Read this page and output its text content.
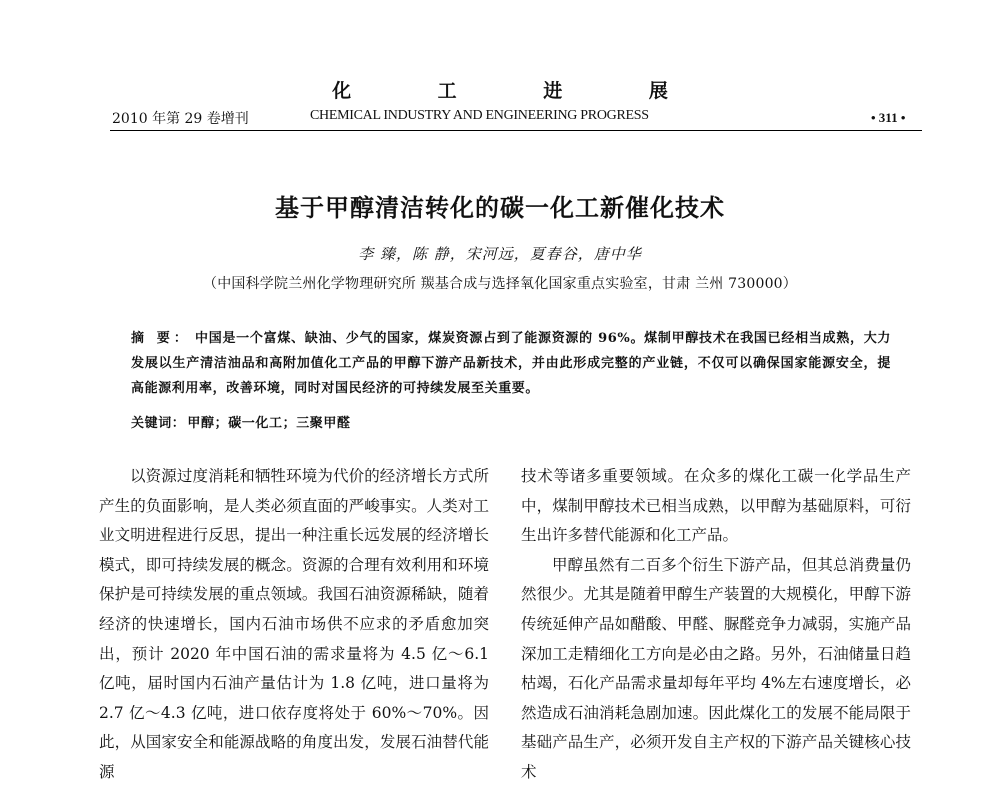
化 工 进 展
2010 年第 29 卷增刊	CHEMICAL INDUSTRY AND ENGINEERING PROGRESS	• 311 •
基于甲醇清洁转化的碳一化工新催化技术
李 臻，陈 静，宋河远，夏春谷，唐中华
（中国科学院兰州化学物理研究所 羰基合成与选择氧化国家重点实验室，甘肃 兰州 730000）
摘 要： 中国是一个富煤、缺油、少气的国家，煤炭资源占到了能源资源的 96%。煤制甲醇技术在我国已经相当成熟，大力发展以生产清洁油品和高附加值化工产品的甲醇下游产品新技术，并由此形成完整的产业链，不仅可以确保国家能源安全，提高能源利用率，改善环境，同时对国民经济的可持续发展至关重要。
关键词： 甲醇；碳一化工；三聚甲醛

以资源过度消耗和牺牲环境为代价的经济增长方式所产生的负面影响，是人类必须直面的严峻事实。人类对工业文明进程进行反思，提出一种注重长远发展的经济增长模式，即可持续发展的概念。资源的合理有效利用和环境保护是可持续发展的重点领域。我国石油资源稀缺，随着经济的快速增长，国内石油市场供不应求的矛盾愈加突出，预计 2020 年中国石油的需求量将为 4.5 亿～6.1 亿吨，届时国内石油产量估计为 1.8 亿吨，进口量将为 2.7 亿～4.3 亿吨，进口依存度将处于 60%～70%。因此，从国家安全和能源战略的角度出发，发展石油替代能源

技术等诸多重要领域。在众多的煤化工碳一化学品生产中，煤制甲醇技术已相当成熟，以甲醇为基础原料，可衍生出许多替代能源和化工产品。

甲醇虽然有二百多个衍生下游产品，但其总消费量仍然很少。尤其是随着甲醇生产装置的大规模化，甲醇下游传统延伸产品如醋酸、甲醛、脲醛竞争力减弱，实施产品深加工走精细化工方向是必由之路。另外，石油储量日趋枯竭，石化产品需求量却每年平均 4%左右速度增长，必然造成石油消耗急剧加速。因此煤化工的发展不能局限于基础产品生产，必须开发自主产权的下游产品关键核心技术
